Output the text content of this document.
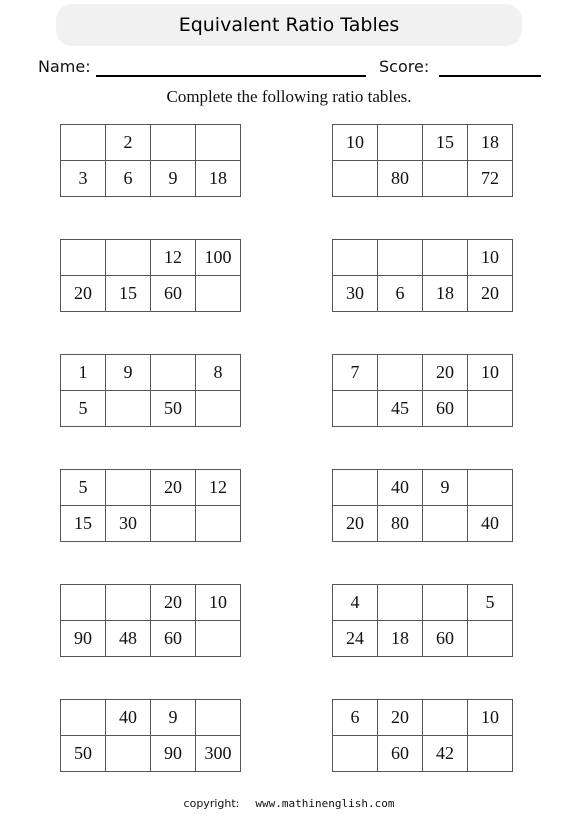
Equivalent Ratio Tables
Name:	Score:
Complete the following ratio tables.
	2		
3	6	9	18
10		15	18
	80		72
		12	100
20	15	60	
			10
30	6	18	20
1	9		8
5		50	
7		20	10
	45	60	
5		20	12
15	30		
	40	9	
20	80		40
		20	10
90	48	60	
4			5
24	18	60	
	40	9	
50		90	300
6	20		10
	60	42	
copyright: www.mathinenglish.com
